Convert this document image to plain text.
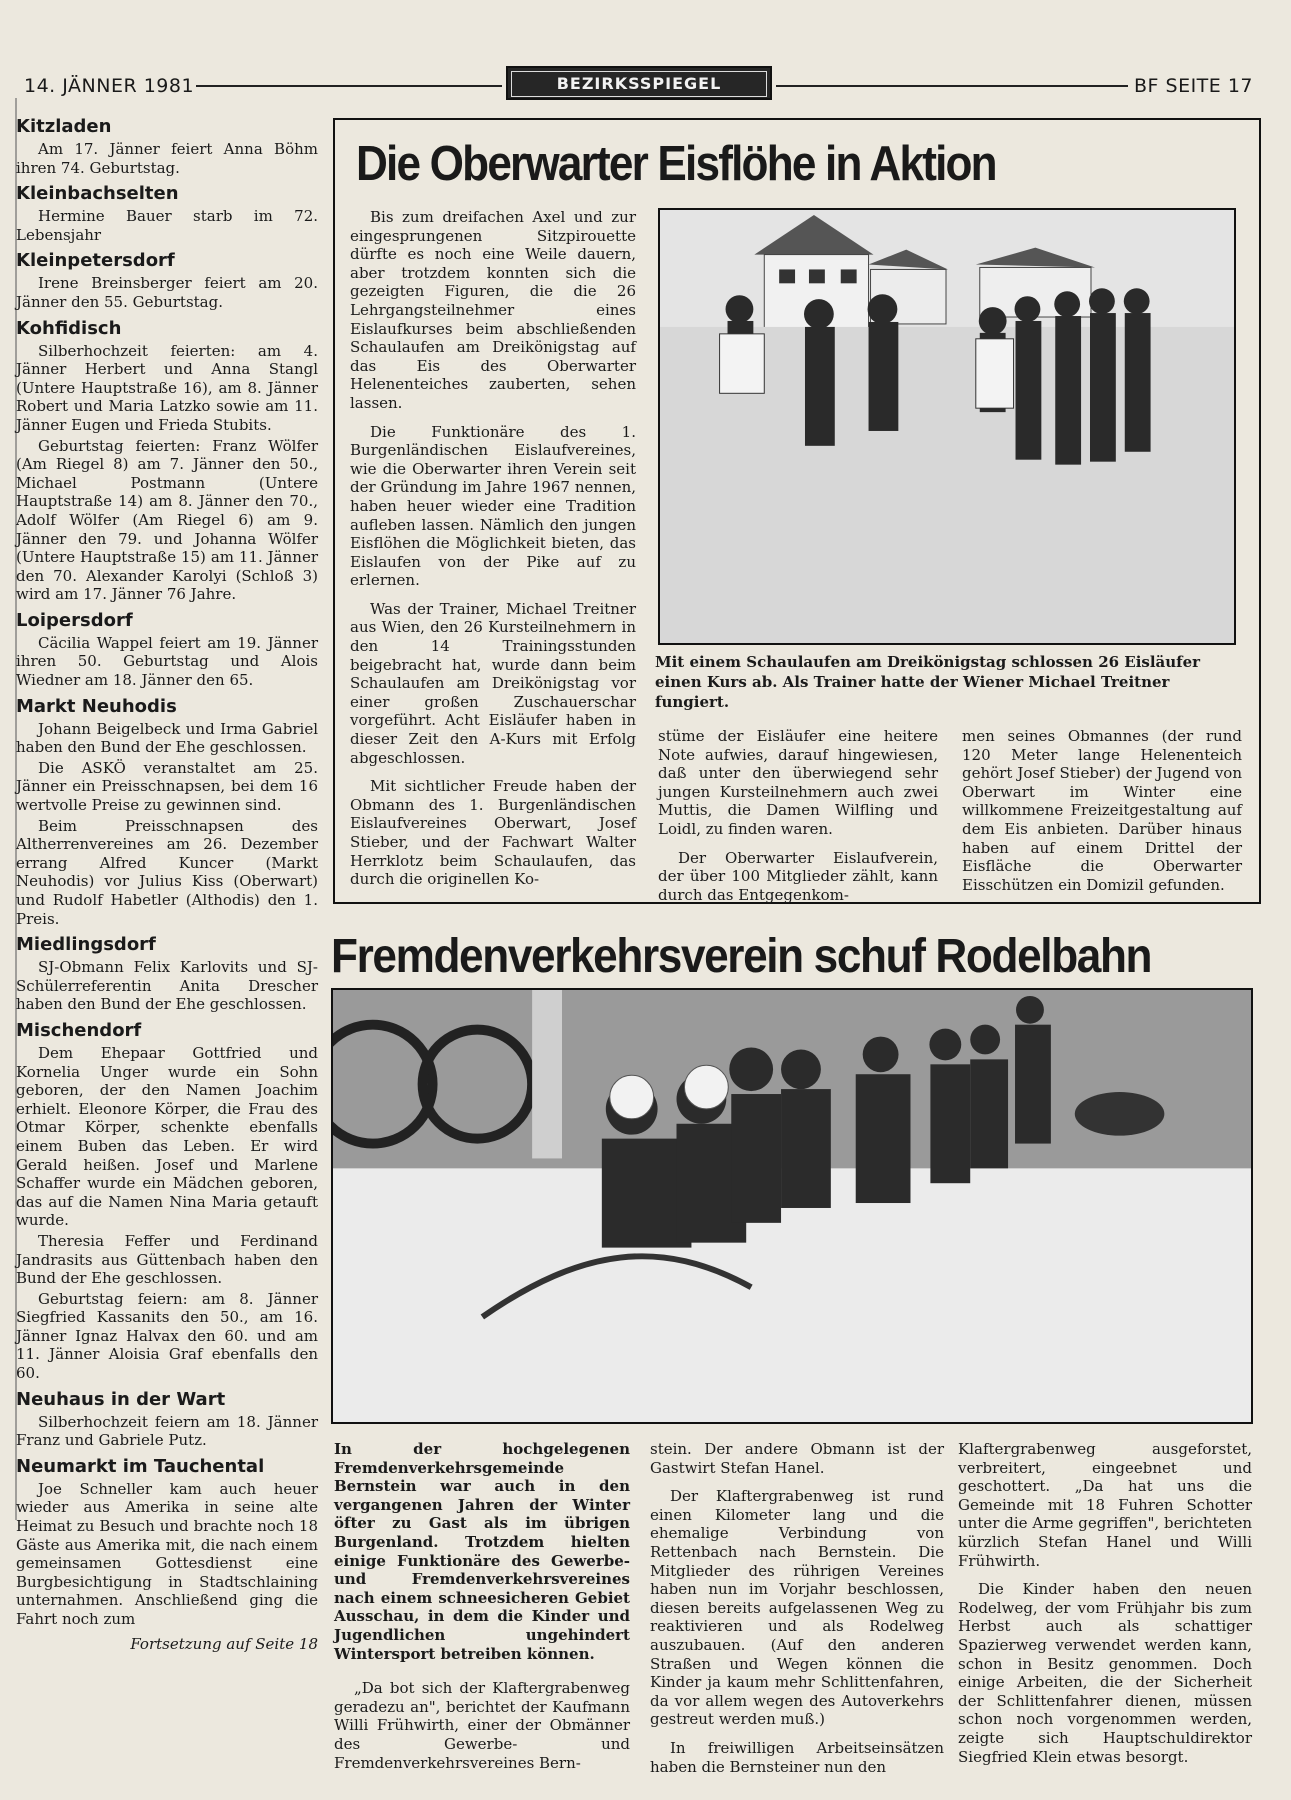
14. JÄNNER 1981	BEZIRKSSPIEGEL	BF SEITE 17
Kitzladen

Am 17. Jänner feiert Anna Böhm ihren 74. Geburtstag.

Kleinbachselten

Hermine Bauer starb im 72. Lebensjahr

Kleinpetersdorf

Irene Breinsberger feiert am 20. Jänner den 55. Geburtstag.

Kohfidisch

Silberhochzeit feierten: am 4. Jänner Herbert und Anna Stangl (Untere Hauptstraße 16), am 8. Jänner Robert und Maria Latzko sowie am 11. Jänner Eugen und Frieda Stubits.

Geburtstag feierten: Franz Wölfer (Am Riegel 8) am 7. Jänner den 50., Michael Postmann (Untere Hauptstraße 14) am 8. Jänner den 70., Adolf Wölfer (Am Riegel 6) am 9. Jänner den 79. und Johanna Wölfer (Untere Hauptstraße 15) am 11. Jänner den 70. Alexander Karolyi (Schloß 3) wird am 17. Jänner 76 Jahre.

Loipersdorf

Cäcilia Wappel feiert am 19. Jänner ihren 50. Geburtstag und Alois Wiedner am 18. Jänner den 65.

Markt Neuhodis

Johann Beigelbeck und Irma Gabriel haben den Bund der Ehe geschlossen.

Die ASKÖ veranstaltet am 25. Jänner ein Preisschnapsen, bei dem 16 wertvolle Preise zu gewinnen sind.

Beim Preisschnapsen des Altherrenvereines am 26. Dezember errang Alfred Kuncer (Markt Neuhodis) vor Julius Kiss (Oberwart) und Rudolf Habetler (Althodis) den 1. Preis.

Miedlingsdorf

SJ-Obmann Felix Karlovits und SJ-Schülerreferentin Anita Drescher haben den Bund der Ehe geschlossen.

Mischendorf

Dem Ehepaar Gottfried und Kornelia Unger wurde ein Sohn geboren, der den Namen Joachim erhielt. Eleonore Körper, die Frau des Otmar Körper, schenkte ebenfalls einem Buben das Leben. Er wird Gerald heißen. Josef und Marlene Schaffer wurde ein Mädchen geboren, das auf die Namen Nina Maria getauft wurde.

Theresia Feffer und Ferdinand Jandrasits aus Güttenbach haben den Bund der Ehe geschlossen.

Geburtstag feiern: am 8. Jänner Siegfried Kassanits den 50., am 16. Jänner Ignaz Halvax den 60. und am 11. Jänner Aloisia Graf ebenfalls den 60.

Neuhaus in der Wart

Silberhochzeit feiern am 18. Jänner Franz und Gabriele Putz.

Neumarkt im Tauchental

Joe Schneller kam auch heuer wieder aus Amerika in seine alte Heimat zu Besuch und brachte noch 18 Gäste aus Amerika mit, die nach einem gemeinsamen Gottesdienst eine Burgbesichtigung in Stadtschlaining unternahmen. Anschließend ging die Fahrt noch zum

Fortsetzung auf Seite 18

Die Oberwarter Eisflöhe in Aktion

Bis zum dreifachen Axel und zur eingesprungenen Sitzpirouette dürfte es noch eine Weile dauern, aber trotzdem konnten sich die gezeigten Figuren, die die 26 Lehrgangsteilnehmer eines Eislaufkurses beim abschließenden Schaulaufen am Dreikönigstag auf das Eis des Oberwarter Helenenteiches zauberten, sehen lassen.

Die Funktionäre des 1. Burgenländischen Eislaufvereines, wie die Oberwarter ihren Verein seit der Gründung im Jahre 1967 nennen, haben heuer wieder eine Tradition aufleben lassen. Nämlich den jungen Eisflöhen die Möglichkeit bieten, das Eislaufen von der Pike auf zu erlernen.

Was der Trainer, Michael Treitner aus Wien, den 26 Kursteilnehmern in den 14 Trainingsstunden beigebracht hat, wurde dann beim Schaulaufen am Dreikönigstag vor einer großen Zuschauerschar vorgeführt. Acht Eisläufer haben in dieser Zeit den A-Kurs mit Erfolg abgeschlossen.

Mit sichtlicher Freude haben der Obmann des 1. Burgenländischen Eislaufvereines Oberwart, Josef Stieber, und der Fachwart Walter Herrklotz beim Schaulaufen, das durch die originellen Ko-

Mit einem Schaulaufen am Dreikönigstag schlossen 26 Eisläufer einen Kurs ab. Als Trainer hatte der Wiener Michael Treitner fungiert.

stüme der Eisläufer eine heitere Note aufwies, darauf hingewiesen, daß unter den überwiegend sehr jungen Kursteilnehmern auch zwei Muttis, die Damen Wilfling und Loidl, zu finden waren.

Der Oberwarter Eislaufverein, der über 100 Mitglieder zählt, kann durch das Entgegenkom-

men seines Obmannes (der rund 120 Meter lange Helenenteich gehört Josef Stieber) der Jugend von Oberwart im Winter eine willkommene Freizeitgestaltung auf dem Eis anbieten. Darüber hinaus haben auf einem Drittel der Eisfläche die Oberwarter Eisschützen ein Domizil gefunden.

Fremdenverkehrsverein schuf Rodelbahn

In der hochgelegenen Fremdenverkehrsgemeinde Bernstein war auch in den vergangenen Jahren der Winter öfter zu Gast als im übrigen Burgenland. Trotzdem hielten einige Funktionäre des Gewerbe- und Fremdenverkehrsvereines nach einem schneesicheren Gebiet Ausschau, in dem die Kinder und Jugendlichen ungehindert Wintersport betreiben können.

„Da bot sich der Klaftergrabenweg geradezu an", berichtet der Kaufmann Willi Frühwirth, einer der Obmänner des Gewerbe- und Fremdenverkehrsvereines Bern-

stein. Der andere Obmann ist der Gastwirt Stefan Hanel.

Der Klaftergrabenweg ist rund einen Kilometer lang und die ehemalige Verbindung von Rettenbach nach Bernstein. Die Mitglieder des rührigen Vereines haben nun im Vorjahr beschlossen, diesen bereits aufgelassenen Weg zu reaktivieren und als Rodelweg auszubauen. (Auf den anderen Straßen und Wegen können die Kinder ja kaum mehr Schlittenfahren, da vor allem wegen des Autoverkehrs gestreut werden muß.)

In freiwilligen Arbeitseinsätzen haben die Bernsteiner nun den

Klaftergrabenweg ausgeforstet, verbreitert, eingeebnet und geschottert. „Da hat uns die Gemeinde mit 18 Fuhren Schotter unter die Arme gegriffen", berichteten kürzlich Stefan Hanel und Willi Frühwirth.

Die Kinder haben den neuen Rodelweg, der vom Frühjahr bis zum Herbst auch als schattiger Spazierweg verwendet werden kann, schon in Besitz genommen. Doch einige Arbeiten, die der Sicherheit der Schlittenfahrer dienen, müssen schon noch vorgenommen werden, zeigte sich Hauptschuldirektor Siegfried Klein etwas besorgt.
